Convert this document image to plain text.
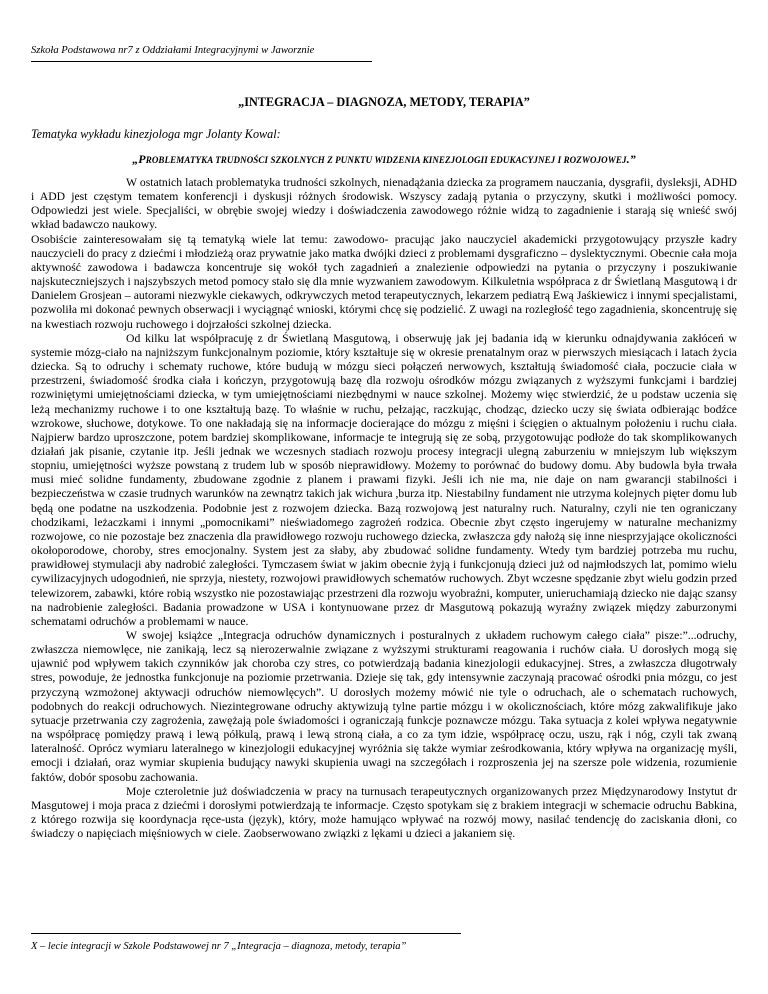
Szkoła Podstawowa nr7 z Oddziałami Integracyjnymi w Jaworznie
„INTEGRACJA – DIAGNOZA, METODY, TERAPIA”
Tematyka wykładu kinezjologa mgr Jolanty Kowal:
„PROBLEMATYKA TRUDNOŚCI SZKOLNYCH Z PUNKTU WIDZENIA KINEZJOLOGII EDUKACYJNEJ I ROZWOJOWEJ.”

W ostatnich latach problematyka trudności szkolnych, nienadążania dziecka za programem nauczania, dysgrafii, dysleksji, ADHD i ADD jest częstym tematem konferencji i dyskusji różnych środowisk. Wszyscy zadają pytania o przyczyny, skutki i możliwości pomocy. Odpowiedzi jest wiele. Specjaliści, w obrębie swojej wiedzy i doświadczenia zawodowego różnie widzą to zagadnienie i starają się wnieść swój wkład badawczo naukowy.

Osobiście zainteresowałam się tą tematyką wiele lat temu: zawodowo- pracując jako nauczyciel akademicki przygotowujący przyszłe kadry nauczycieli do pracy z dziećmi i młodzieżą oraz prywatnie jako matka dwójki dzieci z problemami dysgraficzno – dyslektycznymi. Obecnie cała moja aktywność zawodowa i badawcza koncentruje się wokół tych zagadnień a znalezienie odpowiedzi na pytania o przyczyny i poszukiwanie najskuteczniejszych i najszybszych metod pomocy stało się dla mnie wyzwaniem zawodowym. Kilkuletnia współpraca z dr Świetlaną Masgutową i dr Danielem Grosjean – autorami niezwykle ciekawych, odkrywczych metod terapeutycznych, lekarzem pediatrą Ewą Jaśkiewicz i innymi specjalistami, pozwoliła mi dokonać pewnych obserwacji i wyciągnąć wnioski, którymi chcę się podzielić. Z uwagi na rozległość tego zagadnienia, skoncentruję się na kwestiach rozwoju ruchowego i dojrzałości szkolnej dziecka.

Od kilku lat współpracuję z dr Świetlaną Masgutową, i obserwuję jak jej badania idą w kierunku odnajdywania zakłóceń w systemie mózg-ciało na najniższym funkcjonalnym poziomie, który kształtuje się w okresie prenatalnym oraz w pierwszych miesiącach i latach życia dziecka. Są to odruchy i schematy ruchowe, które budują w mózgu sieci połączeń nerwowych, kształtują świadomość ciała, poczucie ciała w przestrzeni, świadomość środka ciała i kończyn, przygotowują bazę dla rozwoju ośrodków mózgu związanych z wyższymi funkcjami i bardziej rozwiniętymi umiejętnościami dziecka, w tym umiejętnościami niezbędnymi w nauce szkolnej. Możemy więc stwierdzić, że u podstaw uczenia się leżą mechanizmy ruchowe i to one kształtują bazę. To właśnie w ruchu, pełzając, raczkując, chodząc, dziecko uczy się świata odbierając bodźce wzrokowe, słuchowe, dotykowe. To one nakładają się na informacje docierające do mózgu z mięśni i ścięgien o aktualnym położeniu i ruchu ciała. Najpierw bardzo uproszczone, potem bardziej skomplikowane, informacje te integrują się ze sobą, przygotowując podłoże do tak skomplikowanych działań jak pisanie, czytanie itp. Jeśli jednak we wczesnych stadiach rozwoju procesy integracji ulegną zaburzeniu w mniejszym lub większym stopniu, umiejętności wyższe powstaną z trudem lub w sposób nieprawidłowy. Możemy to porównać do budowy domu. Aby budowla była trwała musi mieć solidne fundamenty, zbudowane zgodnie z planem i prawami fizyki. Jeśli ich nie ma, nie daje on nam gwarancji stabilności i bezpieczeństwa w czasie trudnych warunków na zewnątrz takich jak wichura ,burza itp. Niestabilny fundament nie utrzyma kolejnych pięter domu lub będą one podatne na uszkodzenia. Podobnie jest z rozwojem dziecka. Bazą rozwojową jest naturalny ruch. Naturalny, czyli nie ten ograniczany chodzikami, leżaczkami i innymi „pomocnikami” nieświadomego zagrożeń rodzica. Obecnie zbyt często ingerujemy w naturalne mechanizmy rozwojowe, co nie pozostaje bez znaczenia dla prawidłowego rozwoju ruchowego dziecka, zwłaszcza gdy nałożą się inne niesprzyjające okoliczności okołoporodowe, choroby, stres emocjonalny. System jest za słaby, aby zbudować solidne fundamenty. Wtedy tym bardziej potrzeba mu ruchu, prawidłowej stymulacji aby nadrobić zaległości. Tymczasem świat w jakim obecnie żyją i funkcjonują dzieci już od najmłodszych lat, pomimo wielu cywilizacyjnych udogodnień, nie sprzyja, niestety, rozwojowi prawidłowych schematów ruchowych. Zbyt wczesne spędzanie zbyt wielu godzin przed telewizorem, zabawki, które robią wszystko nie pozostawiając przestrzeni dla rozwoju wyobraźni, komputer, unieruchamiają dziecko nie dając szansy na nadrobienie zaległości. Badania prowadzone w USA i kontynuowane przez dr Masgutową pokazują wyraźny związek między zaburzonymi schematami odruchów a problemami w nauce.

W swojej książce „Integracja odruchów dynamicznych i posturalnych z układem ruchowym całego ciała” pisze:”...odruchy, zwłaszcza niemowlęce, nie zanikają, lecz są nierozerwalnie związane z wyższymi strukturami reagowania i ruchów ciała. U dorosłych mogą się ujawnić pod wpływem takich czynników jak choroba czy stres, co potwierdzają badania kinezjologii edukacyjnej. Stres, a zwłaszcza długotrwały stres, powoduje, że jednostka funkcjonuje na poziomie przetrwania. Dzieje się tak, gdy intensywnie zaczynają pracować ośrodki pnia mózgu, co jest przyczyną wzmożonej aktywacji odruchów niemowlęcych”. U dorosłych możemy mówić nie tyle o odruchach, ale o schematach ruchowych, podobnych do reakcji odruchowych. Niezintegrowane odruchy aktywizują tylne partie mózgu i w okolicznościach, które mózg zakwalifikuje jako sytuacje przetrwania czy zagrożenia, zawężają pole świadomości i ograniczają funkcje poznawcze mózgu. Taka sytuacja z kolei wpływa negatywnie na współpracę pomiędzy prawą i lewą półkulą, prawą i lewą stroną ciała, a co za tym idzie, współpracę oczu, uszu, rąk i nóg, czyli tak zwaną lateralność. Oprócz wymiaru lateralnego w kinezjologii edukacyjnej wyróżnia się także wymiar ześrodkowania, który wpływa na organizację myśli, emocji i działań, oraz wymiar skupienia budujący nawyki skupienia uwagi na szczegółach i rozproszenia jej na szersze pole widzenia, rozumienie faktów, dobór sposobu zachowania.

Moje czteroletnie już doświadczenia w pracy na turnusach terapeutycznych organizowanych przez Międzynarodowy Instytut dr Masgutowej i moja praca z dziećmi i dorosłymi potwierdzają te informacje. Często spotykam się z brakiem integracji w schemacie odruchu Babkina, z którego rozwija się koordynacja ręce-usta (język), który, może hamująco wpływać na rozwój mowy, nasilać tendencję do zaciskania dłoni, co świadczy o napięciach mięśniowych w ciele. Zaobserwowano związki z lękami u dzieci a jakaniem się.

X – lecie integracji w Szkole Podstawowej nr 7 „Integracja – diagnoza, metody, terapia”
